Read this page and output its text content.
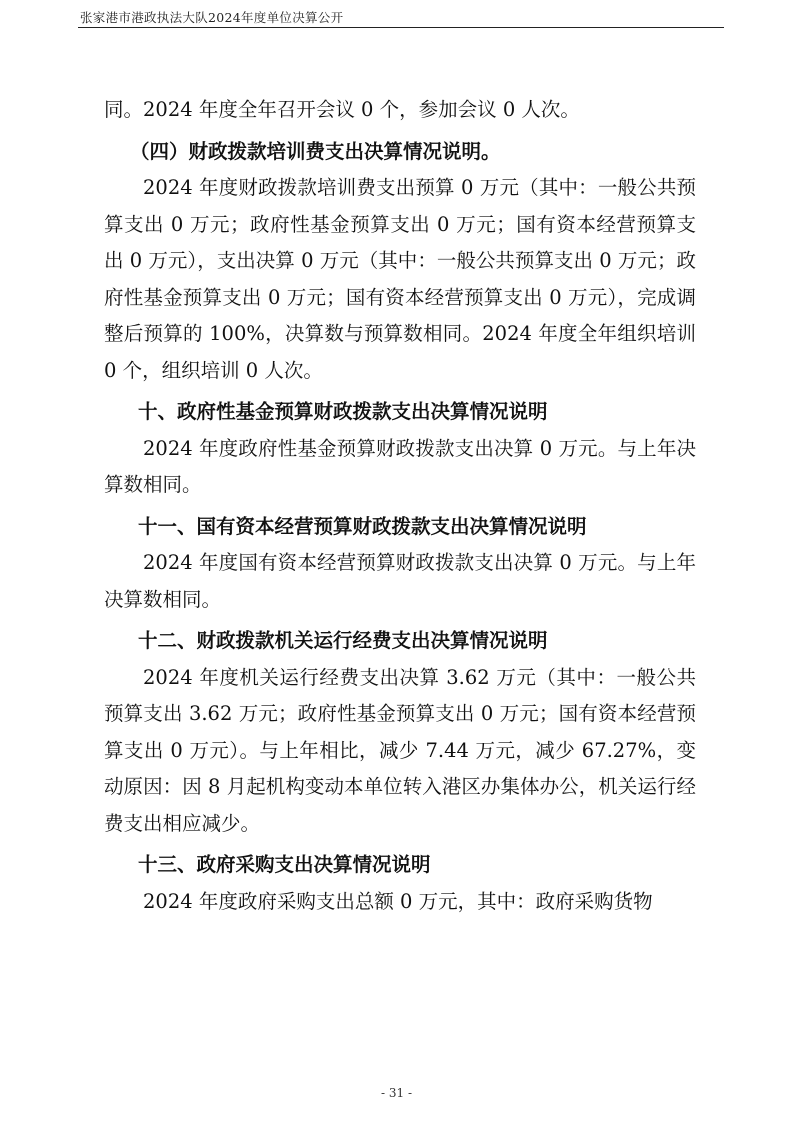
张家港市港政执法大队2024年度单位决算公开

同。2024 年度全年召开会议 0 个，参加会议 0 人次。

（四）财政拨款培训费支出决算情况说明。

2024 年度财政拨款培训费支出预算 0 万元（其中：一般公共预算支出 0 万元；政府性基金预算支出 0 万元；国有资本经营预算支出 0 万元），支出决算 0 万元（其中：一般公共预算支出 0 万元；政府性基金预算支出 0 万元；国有资本经营预算支出 0 万元），完成调整后预算的 100%，决算数与预算数相同。2024 年度全年组织培训 0 个，组织培训 0 人次。

十、政府性基金预算财政拨款支出决算情况说明

2024 年度政府性基金预算财政拨款支出决算 0 万元。与上年决算数相同。

十一、国有资本经营预算财政拨款支出决算情况说明

2024 年度国有资本经营预算财政拨款支出决算 0 万元。与上年决算数相同。

十二、财政拨款机关运行经费支出决算情况说明

2024 年度机关运行经费支出决算 3.62 万元（其中：一般公共预算支出 3.62 万元；政府性基金预算支出 0 万元；国有资本经营预算支出 0 万元）。与上年相比，减少 7.44 万元，减少 67.27%，变动原因：因 8 月起机构变动本单位转入港区办集体办公，机关运行经费支出相应减少。

十三、政府采购支出决算情况说明

2024 年度政府采购支出总额 0 万元，其中：政府采购货物

- 31 -
